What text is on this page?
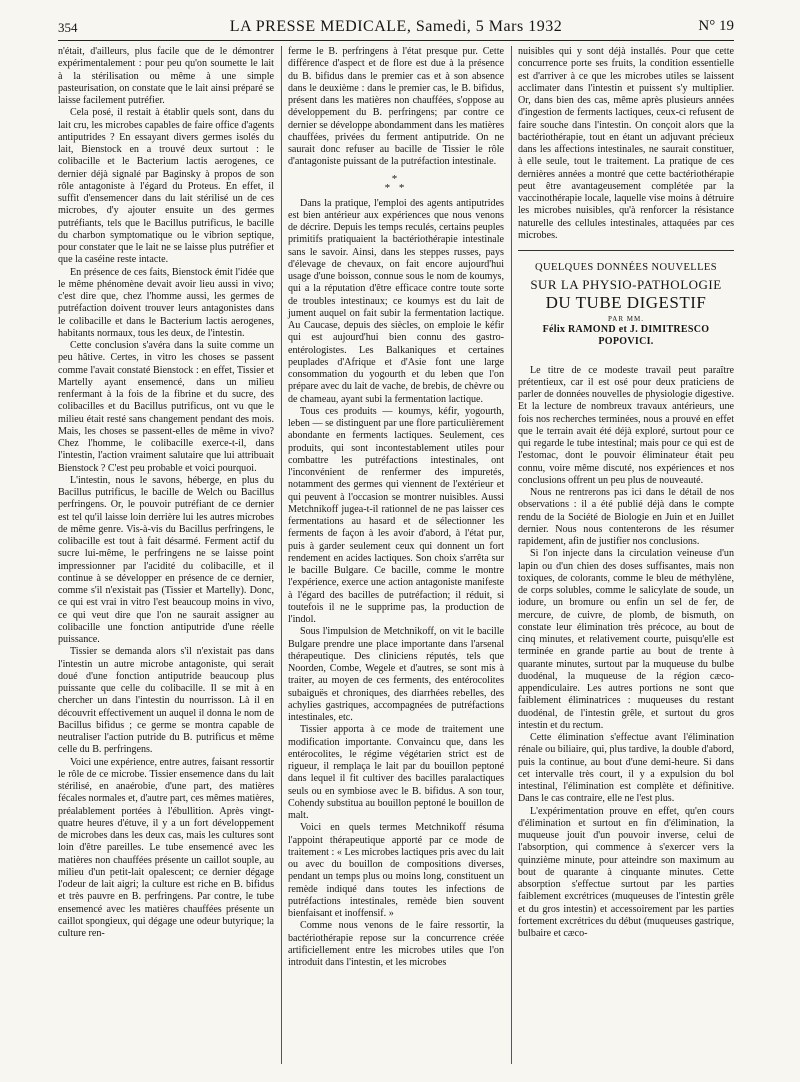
354	LA PRESSE MEDICALE, Samedi, 5 Mars 1932	N° 19

n'était, d'ailleurs, plus facile que de le démontrer expérimentalement : pour peu qu'on soumette le lait à la stérilisation ou même à une simple pasteurisation, on constate que le lait ainsi préparé se laisse facilement putréfier.

Cela posé, il restait à établir quels sont, dans du lait cru, les microbes capables de faire office d'agents antiputrides ? En essayant divers germes isolés du lait, Bienstock en a trouvé deux surtout : le colibacille et le Bacterium lactis aerogenes, ce dernier déjà signalé par Baginsky à propos de son rôle antagoniste à l'égard du Proteus. En effet, il suffit d'ensemencer dans du lait stérilisé un de ces microbes, d'y ajouter ensuite un des germes putréfiants, tels que le Bacillus putrificus, le bacille du charbon symptomatique ou le vibrion septique, pour constater que le lait ne se laisse plus putréfier et que la caséine reste intacte.

En présence de ces faits, Bienstock émit l'idée que le même phénomène devait avoir lieu aussi in vivo; c'est dire que, chez l'homme aussi, les germes de putréfaction doivent trouver leurs antagonistes dans le colibacille et dans le Bacterium lactis aerogenes, habitants normaux, tous les deux, de l'intestin.

Cette conclusion s'avéra dans la suite comme un peu hâtive. Certes, in vitro les choses se passent comme l'avait constaté Bienstock : en effet, Tissier et Martelly ayant ensemencé, dans un milieu renfermant à la fois de la fibrine et du sucre, des colibacilles et du Bacillus putrificus, ont vu que le milieu était resté sans changement pendant des mois. Mais, les choses se passent-elles de même in vivo? Chez l'homme, le colibacille exerce-t-il, dans l'intestin, l'action vraiment salutaire que lui attribuait Bienstock ? C'est peu probable et voici pourquoi.

L'intestin, nous le savons, héberge, en plus du Bacillus putrificus, le bacille de Welch ou Bacillus perfringens. Or, le pouvoir putréfiant de ce dernier est tel qu'il laisse loin derrière lui les autres microbes de même genre. Vis-à-vis du Bacillus perfringens, le colibacille est tout à fait désarmé. Ferment actif du sucre lui-même, le perfringens ne se laisse point impressionner par l'acidité du colibacille, et il continue à se développer en présence de ce dernier, comme s'il n'existait pas (Tissier et Martelly). Donc, ce qui est vrai in vitro l'est beaucoup moins in vivo, ce qui veut dire que l'on ne saurait assigner au colibacille une fonction antiputride d'une réelle puissance.

Tissier se demanda alors s'il n'existait pas dans l'intestin un autre microbe antagoniste, qui serait doué d'une fonction antiputride beaucoup plus puissante que celle du colibacille. Il se mit à en chercher un dans l'intestin du nourrisson. Là il en découvrit effectivement un auquel il donna le nom de Bacillus bifidus ; ce germe se montra capable de neutraliser l'action putride du B. putrificus et même celle du B. perfringens.

Voici une expérience, entre autres, faisant ressortir le rôle de ce microbe. Tissier ensemence dans du lait stérilisé, en anaérobie, d'une part, des matières fécales normales et, d'autre part, ces mêmes matières, préalablement portées à l'ébullition. Après vingt-quatre heures d'étuve, il y a un fort développement de microbes dans les deux cas, mais les cultures sont loin d'être pareilles. Le tube ensemencé avec les matières non chauffées présente un caillot souple, au milieu d'un petit-lait opalescent; ce dernier dégage l'odeur de lait aigri; la culture est riche en B. bifidus et très pauvre en B. perfringens. Par contre, le tube ensemencé avec les matières chauffées présente un caillot spongieux, qui dégage une odeur butyrique; la culture ren-

ferme le B. perfringens à l'état presque pur. Cette différence d'aspect et de flore est due à la présence du B. bifidus dans le premier cas et à son absence dans le deuxième : dans le premier cas, le B. bifidus, présent dans les matières non chauffées, s'oppose au développement du B. perfringens; par contre ce dernier se développe abondamment dans les matières chauffées, privées du ferment antiputride. On ne saurait donc refuser au bacille de Tissier le rôle d'antagoniste puissant de la putréfaction intestinale.

*
* *

Dans la pratique, l'emploi des agents antiputrides est bien antérieur aux expériences que nous venons de décrire. Depuis les temps reculés, certains peuples primitifs pratiquaient la bactériothérapie intestinale sans le savoir. Ainsi, dans les steppes russes, pays d'élevage de chevaux, on fait encore aujourd'hui usage d'une boisson, connue sous le nom de koumys, qui a la réputation d'être efficace contre toute sorte de troubles intestinaux; ce koumys est du lait de jument auquel on fait subir la fermentation lactique. Au Caucase, depuis des siècles, on emploie le kéfir qui est aujourd'hui bien connu des gastro-entérologistes. Les Balkaniques et certaines peuplades d'Afrique et d'Asie font une large consommation du yogourth et du leben que l'on prépare avec du lait de vache, de brebis, de chèvre ou de chameau, ayant subi la fermentation lactique.

Tous ces produits — koumys, kéfir, yogourth, leben — se distinguent par une flore particulièrement abondante en ferments lactiques. Seulement, ces produits, qui sont incontestablement utiles pour combattre les putréfactions intestinales, ont l'inconvénient de renfermer des impuretés, notamment des germes qui viennent de l'extérieur et qui peuvent à l'occasion se montrer nuisibles. Aussi Metchnikoff jugea-t-il rationnel de ne pas laisser ces fermentations au hasard et de sélectionner les ferments de façon à les avoir d'abord, à l'état pur, puis à garder seulement ceux qui donnent un fort rendement en acides lactiques. Son choix s'arrêta sur le bacille Bulgare. Ce bacille, comme le montre l'expérience, exerce une action antagoniste manifeste à l'égard des bacilles de putréfaction; il réduit, si toutefois il ne le supprime pas, la production de l'indol.

Sous l'impulsion de Metchnikoff, on vit le bacille Bulgare prendre une place importante dans l'arsenal thérapeutique. Des cliniciens réputés, tels que Noorden, Combe, Wegele et d'autres, se sont mis à traiter, au moyen de ces ferments, des entérocolites subaiguës et chroniques, des diarrhées rebelles, des achylies gastriques, accompagnées de putréfactions intestinales, etc.

Tissier apporta à ce mode de traitement une modification importante. Convaincu que, dans les entérocolites, le régime végétarien strict est de rigueur, il remplaça le lait par du bouillon peptoné dans lequel il fit cultiver des bacilles paralactiques seuls ou en symbiose avec le B. bifidus. A son tour, Cohendy substitua au bouillon peptoné le bouillon de malt.

Voici en quels termes Metchnikoff résuma l'appoint thérapeutique apporté par ce mode de traitement : « Les microbes lactiques pris avec du lait ou avec du bouillon de compositions diverses, pendant un temps plus ou moins long, constituent un remède indiqué dans toutes les infections de putréfactions intestinales, remède bien souvent bienfaisant et inoffensif. »

Comme nous venons de le faire ressortir, la bactériothérapie repose sur la concurrence créée artificiellement entre les microbes utiles que l'on introduit dans l'intestin, et les microbes

nuisibles qui y sont déjà installés. Pour que cette concurrence porte ses fruits, la condition essentielle est d'arriver à ce que les microbes utiles se laissent acclimater dans l'intestin et puissent s'y multiplier. Or, dans bien des cas, même après plusieurs années d'ingestion de ferments lactiques, ceux-ci refusent de faire souche dans l'intestin. On conçoit alors que la bactériothérapie, tout en étant un adjuvant précieux dans les affections intestinales, ne saurait constituer, à elle seule, tout le traitement. La pratique de ces dernières années a montré que cette bactériothérapie peut être avantageusement complétée par la vaccinothérapie locale, laquelle vise moins à détruire les microbes nuisibles, qu'à renforcer la résistance naturelle des cellules intestinales, attaquées par ces microbes.

QUELQUES DONNÉES NOUVELLES
SUR LA PHYSIO-PATHOLOGIE
DU TUBE DIGESTIF
PAR MM.
Félix RAMOND et J. DIMITRESCO POPOVICI.

Le titre de ce modeste travail peut paraître prétentieux, car il est osé pour deux praticiens de parler de données nouvelles de physiologie digestive. Et la lecture de nombreux travaux antérieurs, une fois nos recherches terminées, nous a prouvé en effet que le terrain avait été déjà exploré, surtout pour ce qui regarde le tube intestinal; mais pour ce qui est de l'estomac, dont le pouvoir éliminateur était peu connu, voire même discuté, nos expériences et nos conclusions offrent un peu plus de nouveauté.

Nous ne rentrerons pas ici dans le détail de nos observations : il a été publié déjà dans le compte rendu de la Société de Biologie en Juin et en Juillet dernier. Nous nous contenterons de les résumer rapidement, afin de justifier nos conclusions.

Si l'on injecte dans la circulation veineuse d'un lapin ou d'un chien des doses suffisantes, mais non toxiques, de colorants, comme le bleu de méthylène, de corps solubles, comme le salicylate de soude, un iodure, un bromure ou enfin un sel de fer, de mercure, de cuivre, de plomb, de bismuth, on constate leur élimination très précoce, au bout de cinq minutes, et relativement courte, puisqu'elle est terminée en grande partie au bout de trente à quarante minutes, surtout par la muqueuse du bulbe duodénal, la muqueuse de la région cæco-appendiculaire. Les autres portions ne sont que faiblement éliminatrices : muqueuses du restant duodénal, de l'intestin grêle, et surtout du gros intestin et du rectum.

Cette élimination s'effectue avant l'élimination rénale ou biliaire, qui, plus tardive, la double d'abord, puis la continue, au bout d'une demi-heure. Si dans cet intervalle très court, il y a expulsion du bol intestinal, l'élimination est complète et définitive. Dans le cas contraire, elle ne l'est plus.

L'expérimentation prouve en effet, qu'en cours d'élimination et surtout en fin d'élimination, la muqueuse jouit d'un pouvoir inverse, celui de l'absorption, qui commence à s'exercer vers la quinzième minute, pour atteindre son maximum au bout de quarante à cinquante minutes. Cette absorption s'effectue surtout par les parties faiblement excrétrices (muqueuses de l'intestin grêle et du gros intestin) et accessoirement par les parties fortement excrétrices du début (muqueuses gastrique, bulbaire et cæco-
